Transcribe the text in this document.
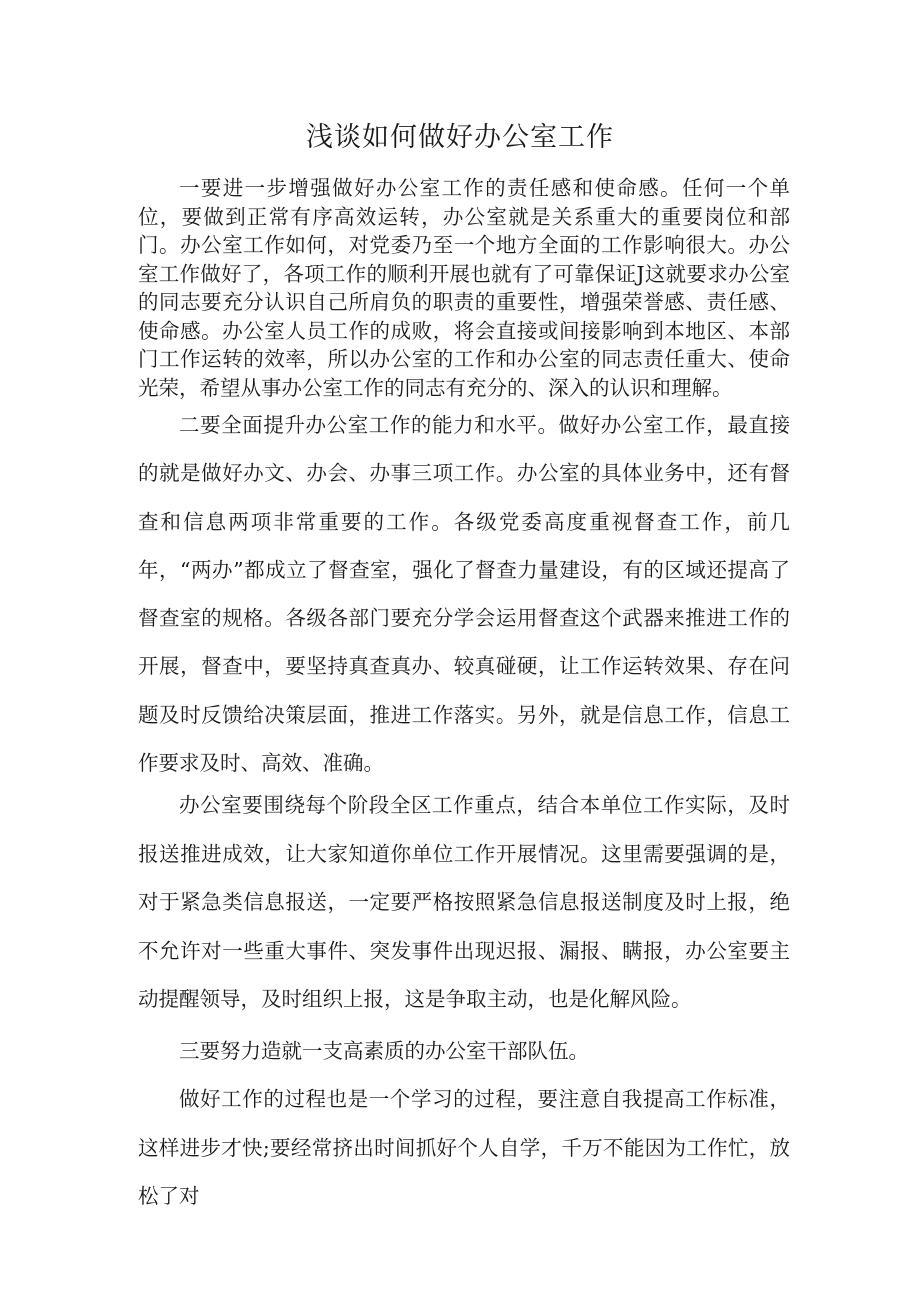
浅谈如何做好办公室工作

一要进一步增强做好办公室工作的责任感和使命感。任何一个单位，要做到正常有序高效运转，办公室就是关系重大的重要岗位和部门。办公室工作如何，对党委乃至一个地方全面的工作影响很大。办公室工作做好了，各项工作的顺利开展也就有了可靠保证J这就要求办公室的同志要充分认识自己所肩负的职责的重要性，增强荣誉感、责任感、使命感。办公室人员工作的成败，将会直接或间接影响到本地区、本部门工作运转的效率，所以办公室的工作和办公室的同志责任重大、使命光荣，希望从事办公室工作的同志有充分的、深入的认识和理解。

二要全面提升办公室工作的能力和水平。做好办公室工作，最直接的就是做好办文、办会、办事三项工作。办公室的具体业务中，还有督查和信息两项非常重要的工作。各级党委高度重视督查工作，前几年，“两办”都成立了督查室，强化了督查力量建设，有的区域还提高了督查室的规格。各级各部门要充分学会运用督查这个武器来推进工作的开展，督查中，要坚持真查真办、较真碰硬，让工作运转效果、存在问题及时反馈给决策层面，推进工作落实。另外，就是信息工作，信息工作要求及时、高效、准确。

办公室要围绕每个阶段全区工作重点，结合本单位工作实际，及时报送推进成效，让大家知道你单位工作开展情况。这里需要强调的是，对于紧急类信息报送，一定要严格按照紧急信息报送制度及时上报，绝不允许对一些重大事件、突发事件出现迟报、漏报、瞒报，办公室要主动提醒领导，及时组织上报，这是争取主动，也是化解风险。

三要努力造就一支高素质的办公室干部队伍。

做好工作的过程也是一个学习的过程，要注意自我提高工作标准，这样进步才快;要经常挤出时间抓好个人自学，千万不能因为工作忙，放松了对
